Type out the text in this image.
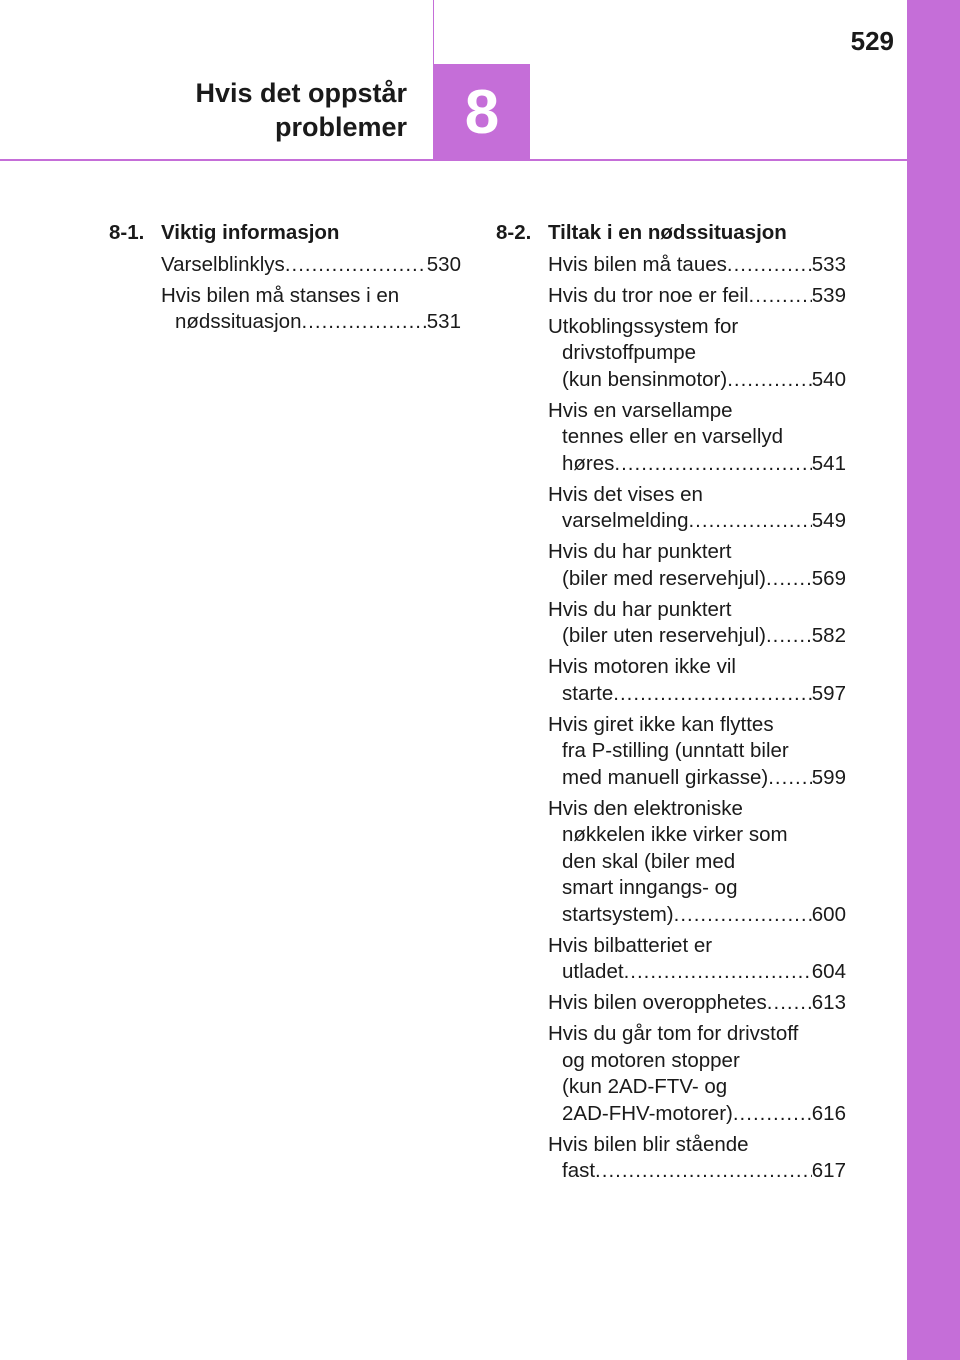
8
529
Hvis det oppstår
problemer
8-1. Viktig informasjon
Varselblinklys .....	530
Hvis bilen må stanses i en
nødssituasjon .....	531
8-2. Tiltak i en nødssituasjon
Hvis bilen må taues .....	533
Hvis du tror noe er feil .....	539
Utkoblingssystem for
drivstoffpumpe
(kun bensinmotor) .....	540
Hvis en varsellampe
tennes eller en varsellyd
høres .....	541
Hvis det vises en
varselmelding .....	549
Hvis du har punktert
(biler med reservehjul) ..... 569
Hvis du har punktert
(biler uten reservehjul) ..... 582
Hvis motoren ikke vil
starte .....	597
Hvis giret ikke kan flyttes
fra P-stilling (unntatt biler
med manuell girkasse) ..... 599
Hvis den elektroniske
nøkkelen ikke virker som
den skal (biler med
smart inngangs- og
startsystem) .....	600
Hvis bilbatteriet er
utladet .....	604
Hvis bilen overopphetes ..... 613
Hvis du går tom for drivstoff
og motoren stopper
(kun 2AD-FTV- og
2AD-FHV-motorer) .....	616
Hvis bilen blir stående
fast .....	617
